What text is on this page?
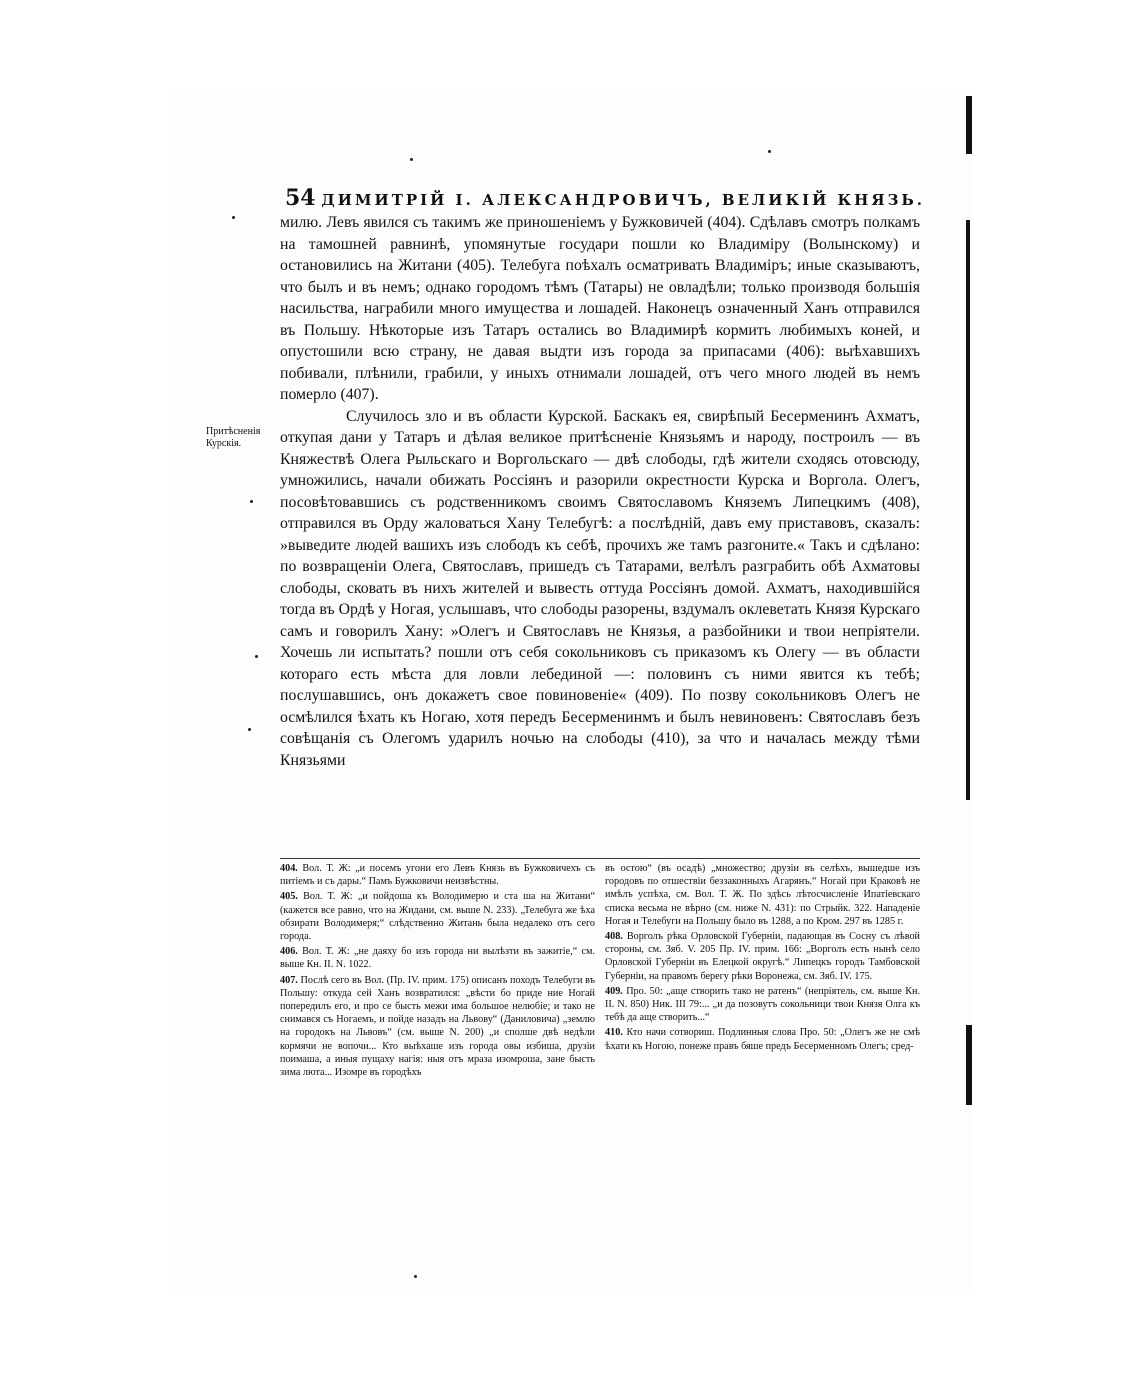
54 ДИМИТРІЙ I. АЛЕКСАНДРОВИЧЪ, ВЕЛИКІЙ КНЯЗЬ.
Притѣсненія Курскія.

милю. Левъ явился съ такимъ же приношеніемъ у Бужковичей (404). Сдѣлавъ смотръ полкамъ на тамошней равнинѣ, упомянутые государи пошли ко Владиміру (Волынскому) и остановились на Житани (405). Телебуга поѣхалъ осматривать Владиміръ; иные сказываютъ, что былъ и въ немъ; однако городомъ тѣмъ (Татары) не овладѣли; только производя большія насильства, награбили много имущества и лошадей. Наконецъ означенный Ханъ отправился въ Польшу. Нѣкоторые изъ Татаръ остались во Владимирѣ кормить любимыхъ коней, и опустошили всю страну, не давая выдти изъ города за припасами (406): выѣхавшихъ побивали, плѣнили, грабили, у иныхъ отнимали лошадей, отъ чего много людей въ немъ померло (407).

Случилось зло и въ области Курской. Баскакъ ея, свирѣпый Бесерменинъ Ахматъ, откупая дани у Татаръ и дѣлая великое притѣсненіе Князьямъ и народу, построилъ — въ Княжествѣ Олега Рыльскаго и Воргольскаго — двѣ слободы, гдѣ жители сходясь отовсюду, умножились, начали обижать Россіянъ и разорили окрестности Курска и Воргола. Олегъ, посовѣтовавшись съ родственникомъ своимъ Святославомъ Княземъ Липецкимъ (408), отправился въ Орду жаловаться Хану Телебугѣ: а послѣдній, давъ ему приставовъ, сказалъ: »выведите людей вашихъ изъ слободъ къ себѣ, прочихъ же тамъ разгоните.« Такъ и сдѣлано: по возвращеніи Олега, Святославъ, пришедъ съ Татарами, велѣлъ разграбить обѣ Ахматовы слободы, сковать въ нихъ жителей и вывесть оттуда Россіянъ домой. Ахматъ, находившійся тогда въ Ордѣ у Ногая, услышавъ, что слободы разорены, вздумалъ оклеветать Князя Курскаго самъ и говорилъ Хану: »Олегъ и Святославъ не Князья, а разбойники и твои непріятели. Хочешь ли испытать? пошли отъ себя сокольниковъ съ приказомъ къ Олегу — въ области котораго есть мѣста для ловли лебединой —: половинъ съ ними явится къ тебѣ; послушавшись, онъ докажетъ свое повиновеніе« (409). По позву сокольниковъ Олегъ не осмѣлился ѣхать къ Ногаю, хотя передъ Бесерменинмъ и былъ невиновенъ: Святославъ безъ совѣщанія съ Олегомъ ударилъ ночью на слободы (410), за что и началась между тѣми Князьями

404. Вол. Т. Ж: „и посемъ угони его Левъ Князь въ Бужковичехъ съ питіемъ и съ дары.“ Памъ Бужковичи неизвѣстны.

405. Вол. Т. Ж: „и пойдоша къ Володимерю и ста ша на Житани“ (кажется все равно, что на Жидани, см. выше N. 233). „Телебуга же ѣха обзирати Володимеря;“ слѣдственно Житань была недалеко отъ сего города.

406. Вол. Т. Ж: „не даяху бо изъ города ни вылѣзти въ зажитіе,“ см. выше Кн. II. N. 1022.

407. Послѣ сего въ Вол. (Пр. IV. прим. 175) описанъ походъ Телебуги въ Польшу: откуда сей Ханъ возвратился: „вѣсти бо приде ние Ногай попередилъ его, и про се бысть межи има большое нелюбіе; и тако не снимався съ Ногаемъ, и пойде назадъ на Львову“ (Даниловича) „землю на городокъ на Львовъ“ (см. выше N. 200) „и сполше двѣ недѣли кормячи не вопочи... Кто выѣхаше изъ города овы избиша, друзіи поимаша, а иныя пущаху нагія: ныя отъ мраза изомроша, зане бысть зима люта... Изомре въ городѣхъ

въ остою“ (въ осадѣ) „множество; друзіи въ селѣхъ, вышедше изъ городовъ по отшествіи беззаконныхъ Агарянъ.“ Ногай при Краковѣ не имѣлъ успѣха, см. Вол. Т. Ж. По здѣсь лѣтосчисленіе Ипатіевскаго списка весьма не вѣрно (см. ниже N. 431): по Стрыйк. 322. Нападеніе Ногая и Телебуги на Польшу было въ 1288, а по Кром. 297 въ 1285 г.

408. Ворголъ рѣка Орловской Губерніи, падающая въ Сосну съ лѣвой стороны, см. Зяб. V. 205 Пр. IV. прим. 166: „Ворголъ есть нынѣ село Орловской Губерніи въ Елецкой округѣ.“ Липецкъ городъ Тамбовской Губерніи, на правомъ берегу рѣки Воронежа, см. Зяб. IV. 175.

409. Про. 50: „аще створить тако не ратенъ“ (непріятель, см. выше Кн. II. N. 850) Ник. III 79:... „и да позовутъ сокольници твои Князя Олга къ тебѣ да аще створить...“

410. Кто начи сотвориш. Подлинныя слова Про. 50: „Олегъ же не смѣ ѣхати къ Ногою, понеже правъ бяше предъ Бесерменномъ Олегъ; сред-
